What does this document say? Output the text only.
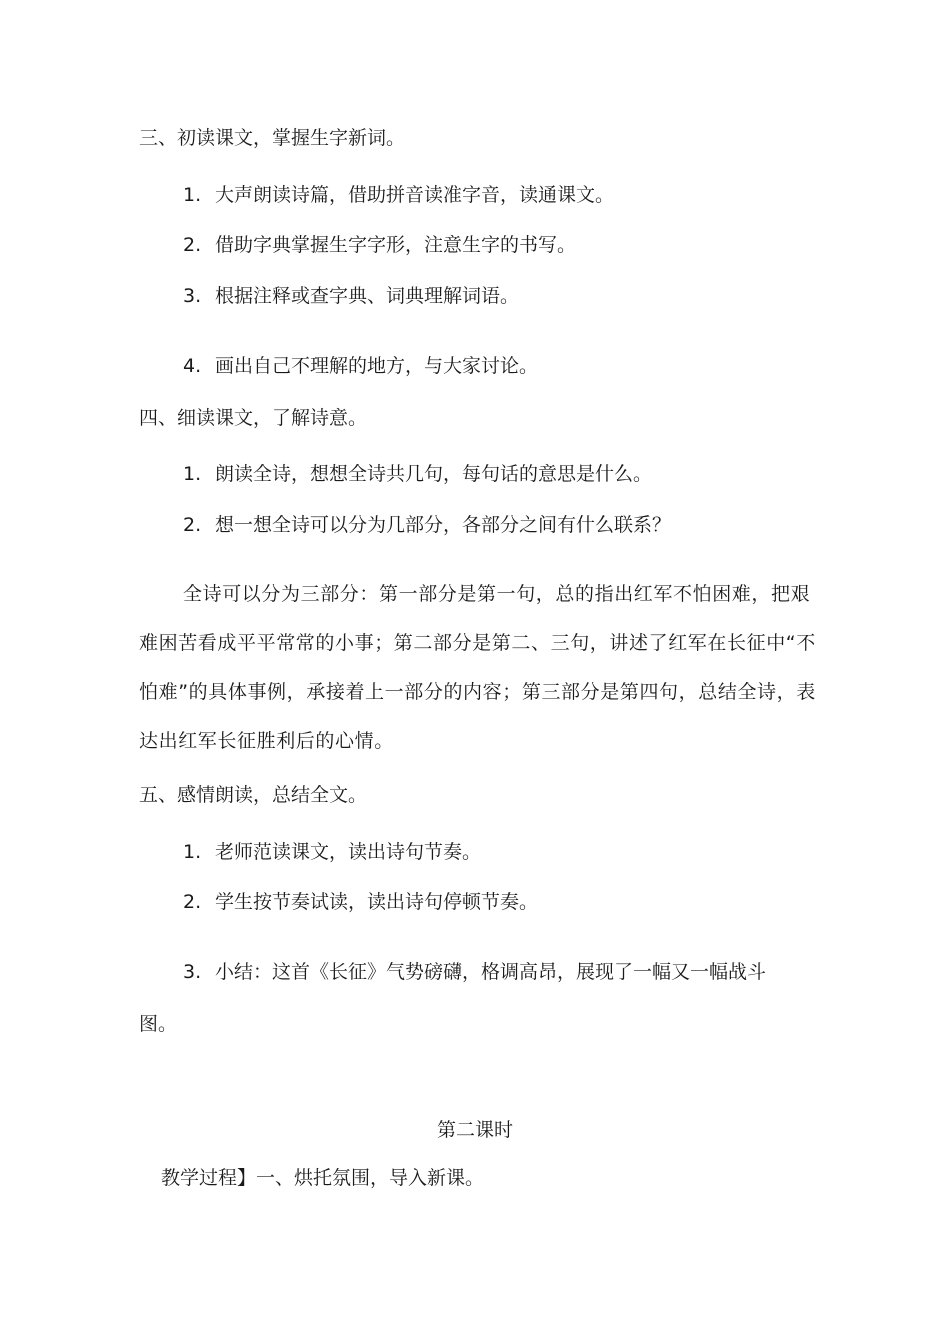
三、初读课文，掌握生字新词。
1. 大声朗读诗篇，借助拼音读准字音，读通课文。
2. 借助字典掌握生字字形，注意生字的书写。
3. 根据注释或查字典、词典理解词语。
4. 画出自己不理解的地方，与大家讨论。
四、细读课文，了解诗意。
1. 朗读全诗，想想全诗共几句，每句话的意思是什么。
2. 想一想全诗可以分为几部分，各部分之间有什么联系？
全诗可以分为三部分：第一部分是第一句，总的指出红军不怕困难，把艰难困苦看成平平常常的小事；第二部分是第二、三句，讲述了红军在长征中“不怕难”的具体事例，承接着上一部分的内容；第三部分是第四句，总结全诗，表达出红军长征胜利后的心情。
五、感情朗读，总结全文。
1. 老师范读课文，读出诗句节奏。
2. 学生按节奏试读，读出诗句停顿节奏。
3. 小结：这首《长征》气势磅礴，格调高昂，展现了一幅又一幅战斗
图。
第二课时
教学过程】一、烘托氛围，导入新课。
